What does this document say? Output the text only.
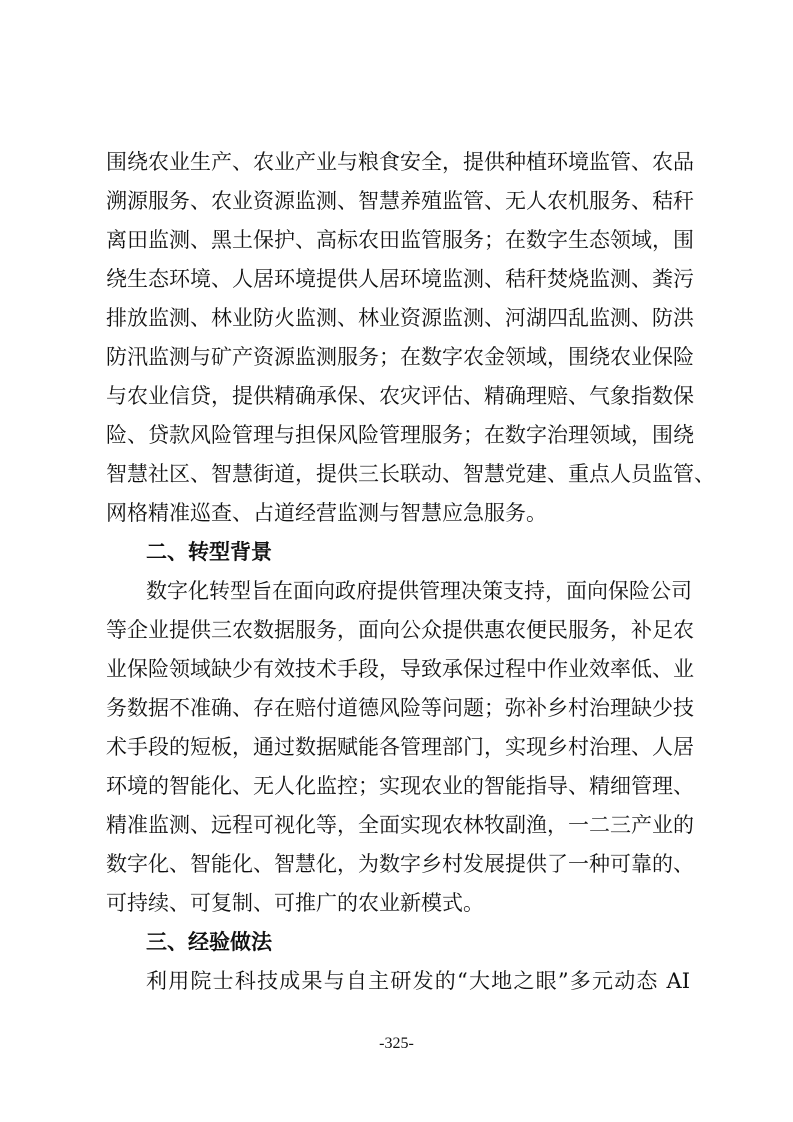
围绕农业生产、农业产业与粮食安全，提供种植环境监管、农品
溯源服务、农业资源监测、智慧养殖监管、无人农机服务、秸秆
离田监测、黑土保护、高标农田监管服务；在数字生态领域，围
绕生态环境、人居环境提供人居环境监测、秸秆焚烧监测、粪污
排放监测、林业防火监测、林业资源监测、河湖四乱监测、防洪
防汛监测与矿产资源监测服务；在数字农金领域，围绕农业保险
与农业信贷，提供精确承保、农灾评估、精确理赔、气象指数保
险、贷款风险管理与担保风险管理服务；在数字治理领域，围绕
智慧社区、智慧街道，提供三长联动、智慧党建、重点人员监管、
网格精准巡查、占道经营监测与智慧应急服务。
二、转型背景
数字化转型旨在面向政府提供管理决策支持，面向保险公司
等企业提供三农数据服务，面向公众提供惠农便民服务，补足农
业保险领域缺少有效技术手段，导致承保过程中作业效率低、业
务数据不准确、存在赔付道德风险等问题；弥补乡村治理缺少技
术手段的短板，通过数据赋能各管理部门，实现乡村治理、人居
环境的智能化、无人化监控；实现农业的智能指导、精细管理、
精准监测、远程可视化等，全面实现农林牧副渔，一二三产业的
数字化、智能化、智慧化，为数字乡村发展提供了一种可靠的、
可持续、可复制、可推广的农业新模式。
三、经验做法
利用院士科技成果与自主研发的“大地之眼”多元动态 AI
-325-
